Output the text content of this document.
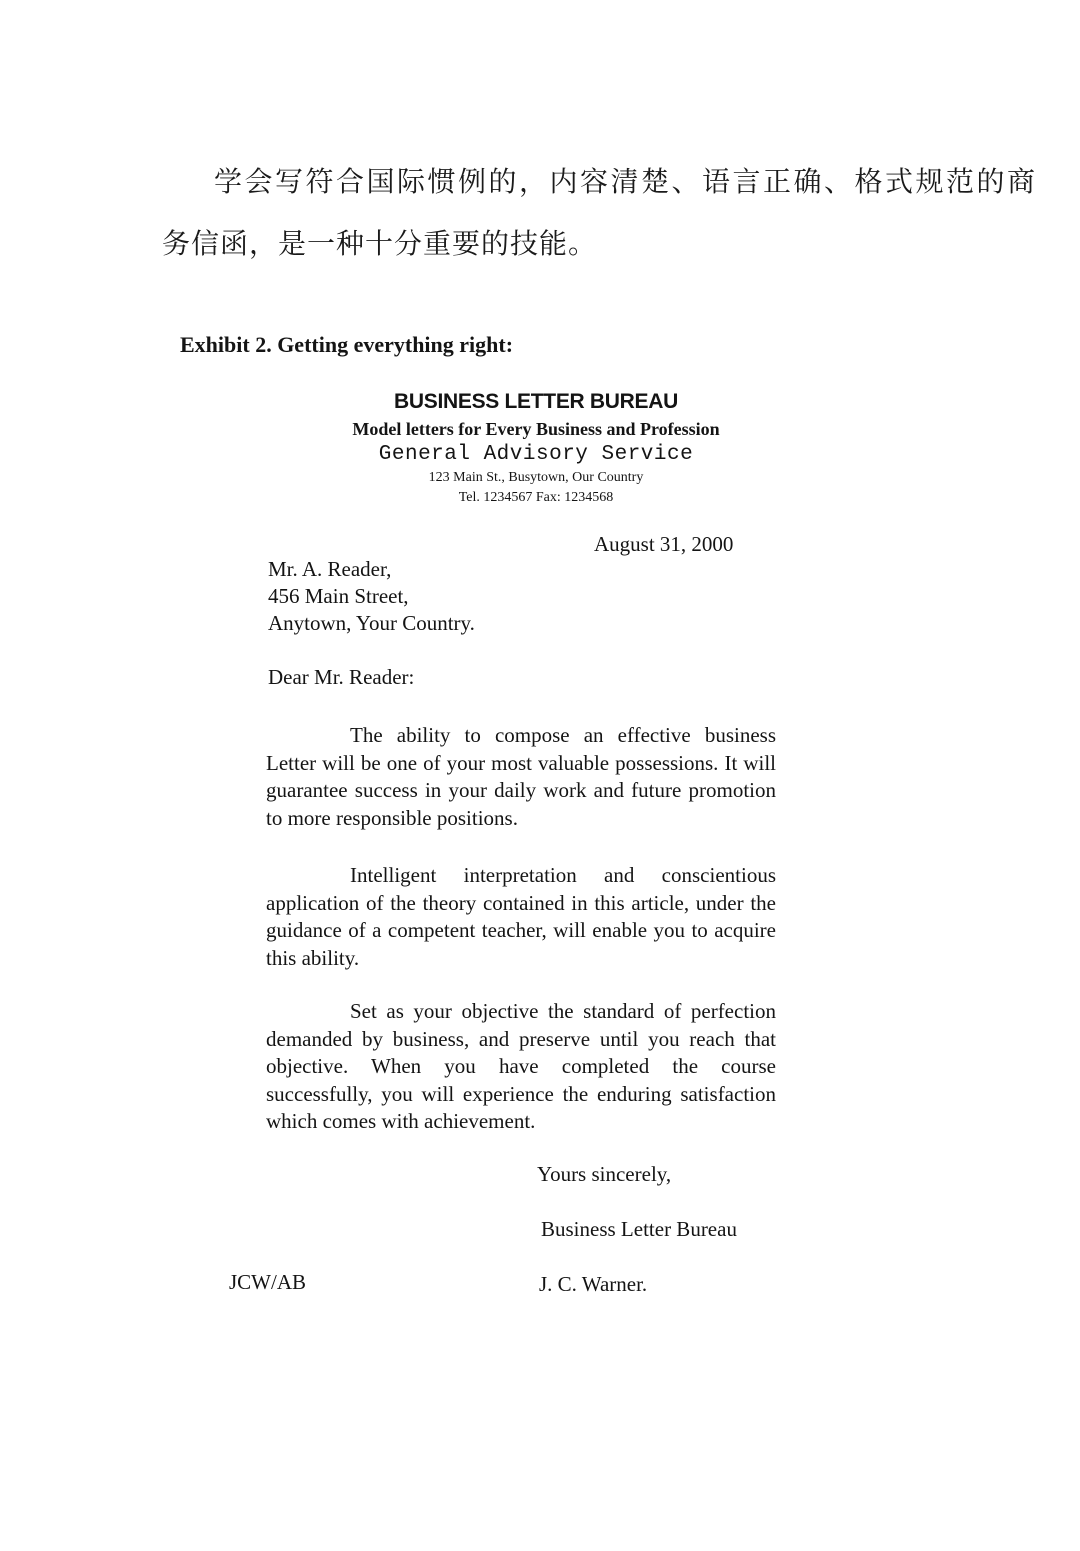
学会写符合国际惯例的，内容清楚、语言正确、格式规范的商
务信函，是一种十分重要的技能。
Exhibit 2. Getting everything right:
BUSINESS LETTER BUREAU
Model letters for Every Business and Profession
General Advisory Service
123 Main St., Busytown, Our Country
Tel. 1234567 Fax: 1234568
August 31, 2000
Mr. A. Reader,
456 Main Street,
Anytown, Your Country.
Dear Mr. Reader:

The ability to compose an effective business Letter will be one of your most valuable possessions. It will guarantee success in your daily work and future promotion to more responsible positions.

Intelligent interpretation and conscientious application of the theory contained in this article, under the guidance of a competent teacher, will enable you to acquire this ability.

Set as your objective the standard of perfection demanded by business, and preserve until you reach that objective. When you have completed the course successfully, you will experience the enduring satisfaction which comes with achievement.

Yours sincerely,
Business Letter Bureau
JCW/AB	J. C. Warner.
